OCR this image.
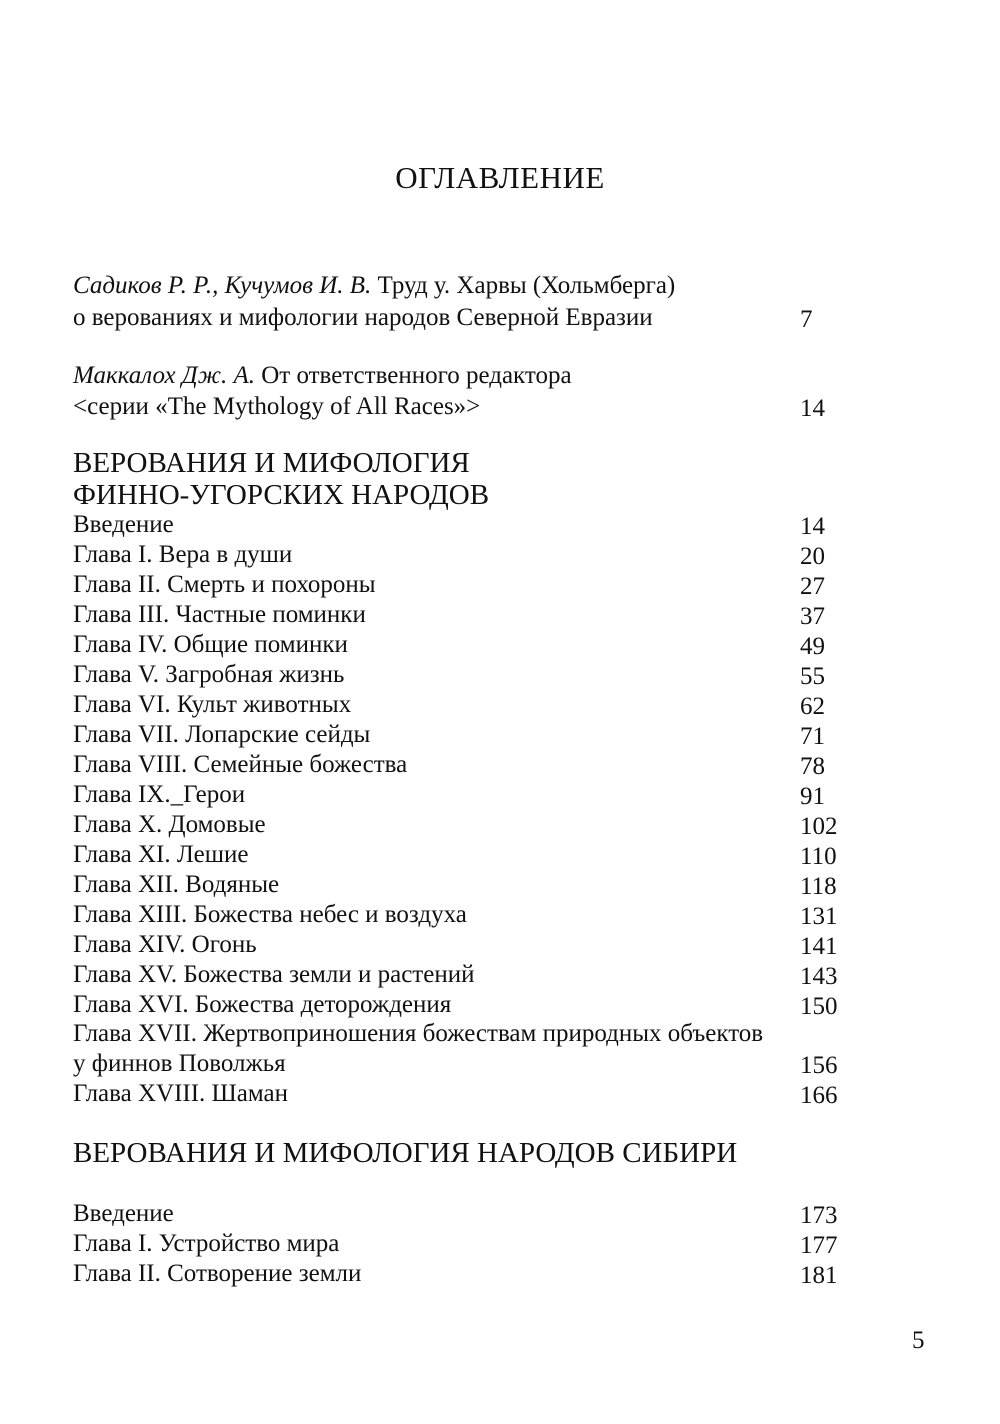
ОГЛАВЛЕНИЕ
Садиков Р. Р., Кучумов И. В. Труд у. Харвы (Хольмберга)
о верованиях и мифологии народов Северной Евразии	7
Маккалох Дж. А. От ответственного редактора
<серии «The Mythology of All Races»>	14
ВЕРОВАНИЯ И МИФОЛОГИЯ
ФИННО-УГОРСКИХ НАРОДОВ
Введение	14
Глава I. Вера в души	20
Глава II. Смерть и похороны	27
Глава III. Частные поминки	37
Глава IV. Общие поминки	49
Глава V. Загробная жизнь	55
Глава VI. Культ животных	62
Глава VII. Лопарские сейды	71
Глава VIII. Семейные божества	78
Глава IX._Герои	91
Глава X. Домовые	102
Глава XI. Лешие	110
Глава XII. Водяные	118
Глава XIII. Божества небес и воздуха	131
Глава XIV. Огонь	141
Глава XV. Божества земли и растений	143
Глава XVI. Божества деторождения	150
Глава XVII. Жертвоприношения божествам природных объектов
у финнов Поволжья	156
Глава XVIII. Шаман	166
ВЕРОВАНИЯ И МИФОЛОГИЯ НАРОДОВ СИБИРИ
Введение	173
Глава I. Устройство мира	177
Глава II. Сотворение земли	181
5
